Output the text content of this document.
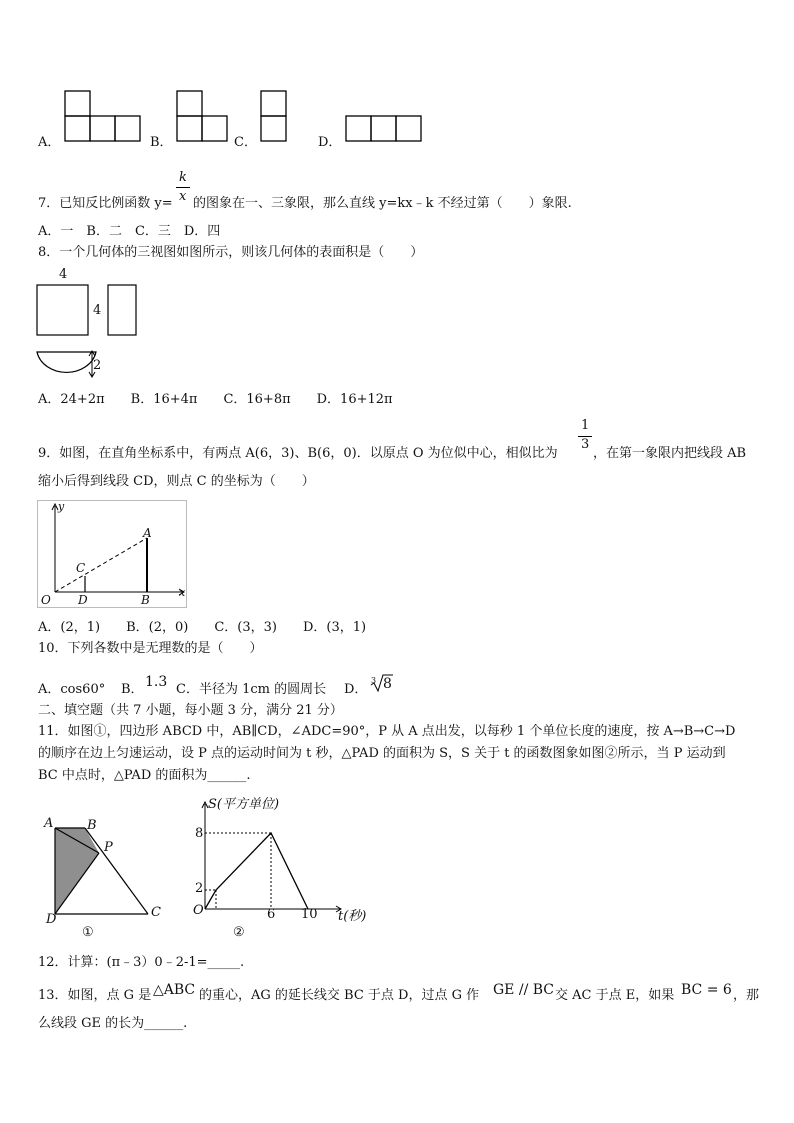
A．	B．	C．	D．
7．已知反比例函数 y=
k
x 的图象在一、三象限，那么直线 y=kx﹣k 不经过第（　　）象限.
A．一　B．二　C．三　D．四
8．一个几何体的三视图如图所示，则该几何体的表面积是（　　）
4
4
2
A．24+2π　　B．16+4π　　C．16+8π　　D．16+12π
9．如图，在直角坐标系中，有两点 A(6，3)、B(6，0)．以原点 O 为位似中心，相似比为
1
3
，在第一象限内把线段 AB
缩小后得到线段 CD，则点 C 的坐标为（　　）
y
x
A
C
O D	B
A．(2，1)　　B．(2，0)　　C．(3，3)　　D．(3，1)
10．下列各数中是无理数的是（　　）
A．cos60° B． 1.3 C．半径为 1cm 的圆周长 D．
3 8
二、填空题（共 7 小题，每小题 3 分，满分 21 分）
11．如图①，四边形 ABCD 中，AB∥CD，∠ADC=90°，P 从 A 点出发，以每秒 1 个单位长度的速度，按 A→B→C→D
的顺序在边上匀速运动，设 P 点的运动时间为 t 秒，△PAD 的面积为 S，S 关于 t 的函数图象如图②所示，当 P 运动到
BC 中点时，△PAD 的面积为______.
A	B
P
D	C
①
S(平方单位)
8
2
O	6 10 t(秒)
②
12．计算：(π﹣3）0﹣2-1=_____.
13．如图，点 G 是 △ABC 的重心，AG 的延长线交 BC 于点 D，过点 G 作 GE // BC 交 AC 于点 E，如果 BC = 6 ，那
么线段 GE 的长为______.
